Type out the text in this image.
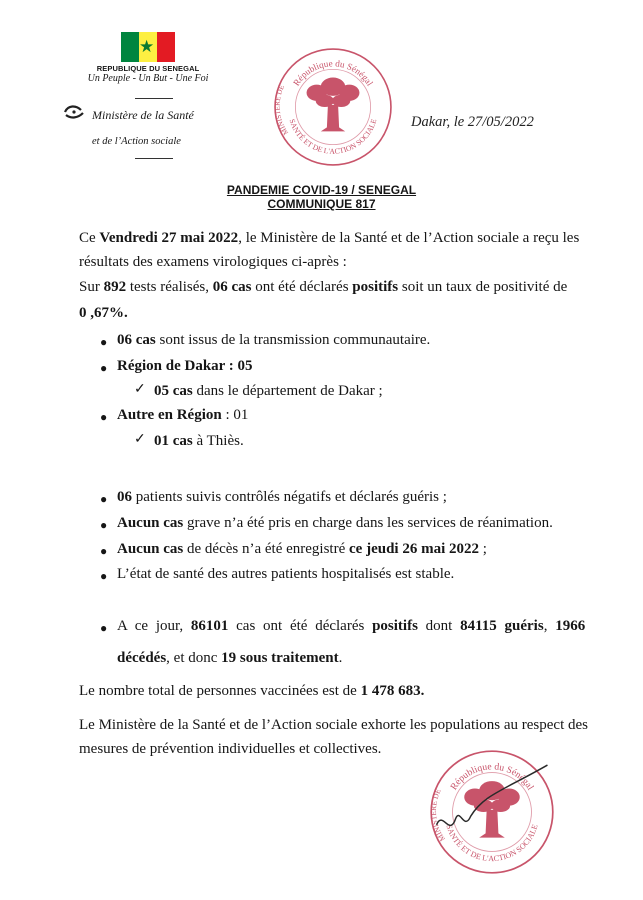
★
REPUBLIQUE DU SENEGAL
Un Peuple - Un But - Une Foi
Ministère de la Santé
et de l’Action sociale
République du Sénégal
SANTÉ ET DE L'ACTION SOCIALE
MINISTERE DE
Dakar, le 27/05/2022
PANDEMIE COVID-19 / SENEGAL
COMMUNIQUE 817
Ce Vendredi 27 mai 2022, le Ministère de la Santé et de l’Action sociale a reçu les
résultats des examens virologiques ci-après :
Sur 892 tests réalisés, 06 cas ont été déclarés positifs soit un taux de positivité de
0 ,67%.
● 06 cas sont issus de la transmission communautaire.
● Région de Dakar : 05
✓ 05 cas dans le département de Dakar ;
● Autre en Région : 01
✓ 01 cas à Thiès.
● 06 patients suivis contrôlés négatifs et déclarés guéris ;
● Aucun cas grave n’a été pris en charge dans les services de réanimation.
● Aucun cas de décès n’a été enregistré ce jeudi 26 mai 2022 ;
● L’état de santé des autres patients hospitalisés est stable.
● A ce jour, 86101 cas ont été déclarés positifs dont 84115 guéris, 1966
décédés, et donc 19 sous traitement.
Le nombre total de personnes vaccinées est de 1 478 683.
Le Ministère de la Santé et de l’Action sociale exhorte les populations au respect des
mesures de prévention individuelles et collectives.
République du Sénégal
SANTÉ ET DE L'ACTION SOCIALE
MINISTERE DE
